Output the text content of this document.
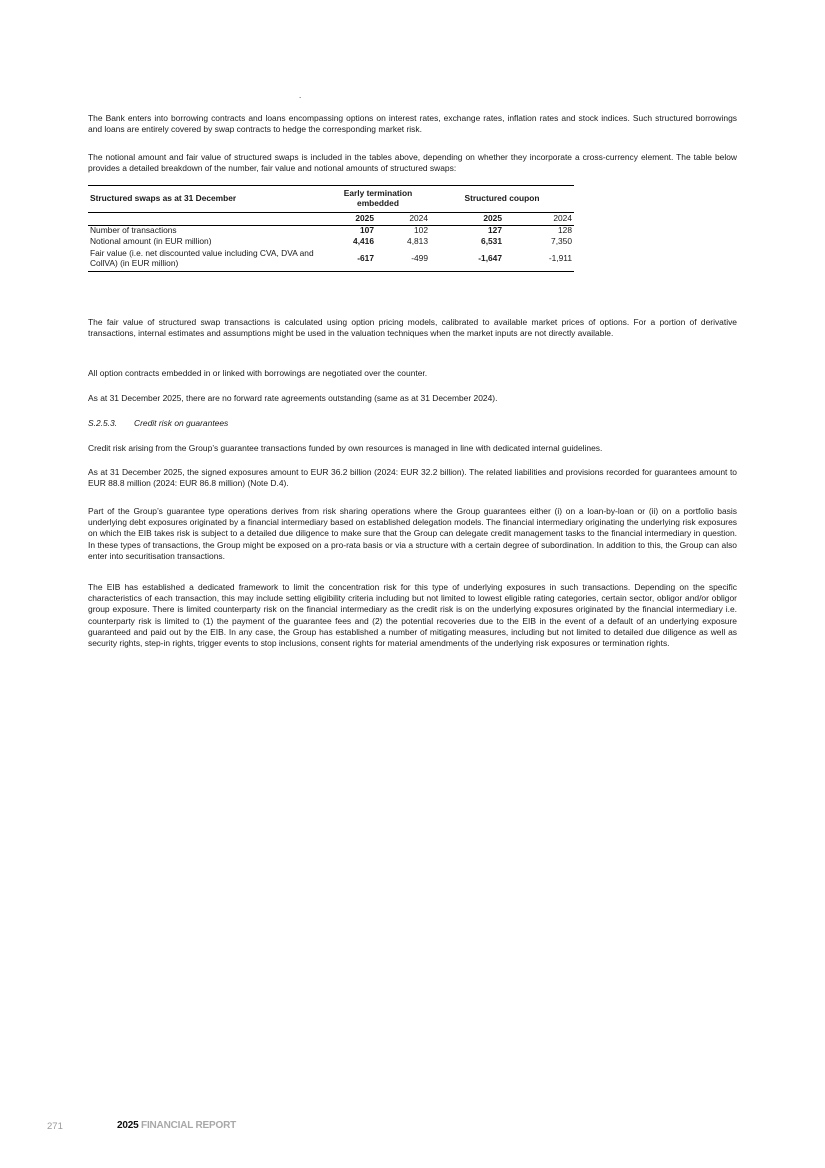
.

The Bank enters into borrowing contracts and loans encompassing options on interest rates, exchange rates, inflation rates and stock indices. Such structured borrowings and loans are entirely covered by swap contracts to hedge the corresponding market risk.

The notional amount and fair value of structured swaps is included in the tables above, depending on whether they incorporate a cross-currency element. The table below provides a detailed breakdown of the number, fair value and notional amounts of structured swaps:

Structured swaps as at 31 December	Early termination embedded		Structured coupon	
	2025	2024	2025	2024
Number of transactions	107	102	127	128
Notional amount (in EUR million)	4,416	4,813	6,531	7,350
Fair value (i.e. net discounted value including CVA, DVA and CollVA) (in EUR million)	-617	-499	-1,647	-1,911

The fair value of structured swap transactions is calculated using option pricing models, calibrated to available market prices of options. For a portion of derivative transactions, internal estimates and assumptions might be used in the valuation techniques when the market inputs are not directly available.

All option contracts embedded in or linked with borrowings are negotiated over the counter.

As at 31 December 2025, there are no forward rate agreements outstanding (same as at 31 December 2024).

S.2.5.3. Credit risk on guarantees

Credit risk arising from the Group’s guarantee transactions funded by own resources is managed in line with dedicated internal guidelines.

As at 31 December 2025, the signed exposures amount to EUR 36.2 billion (2024: EUR 32.2 billion). The related liabilities and provisions recorded for guarantees amount to EUR 88.8 million (2024: EUR 86.8 million) (Note D.4).

Part of the Group’s guarantee type operations derives from risk sharing operations where the Group guarantees either (i) on a loan-by-loan or (ii) on a portfolio basis underlying debt exposures originated by a financial intermediary based on established delegation models. The financial intermediary originating the underlying risk exposures on which the EIB takes risk is subject to a detailed due diligence to make sure that the Group can delegate credit management tasks to the financial intermediary in question. In these types of transactions, the Group might be exposed on a pro-rata basis or via a structure with a certain degree of subordination. In addition to this, the Group can also enter into securitisation transactions.

The EIB has established a dedicated framework to limit the concentration risk for this type of underlying exposures in such transactions. Depending on the specific characteristics of each transaction, this may include setting eligibility criteria including but not limited to lowest eligible rating categories, certain sector, obligor and/or obligor group exposure. There is limited counterparty risk on the financial intermediary as the credit risk is on the underlying exposures originated by the financial intermediary i.e. counterparty risk is limited to (1) the payment of the guarantee fees and (2) the potential recoveries due to the EIB in the event of a default of an underlying exposure guaranteed and paid out by the EIB. In any case, the Group has established a number of mitigating measures, including but not limited to detailed due diligence as well as security rights, step-in rights, trigger events to stop inclusions, consent rights for material amendments of the underlying risk exposures or termination rights.

271	2025 FINANCIAL REPORT
